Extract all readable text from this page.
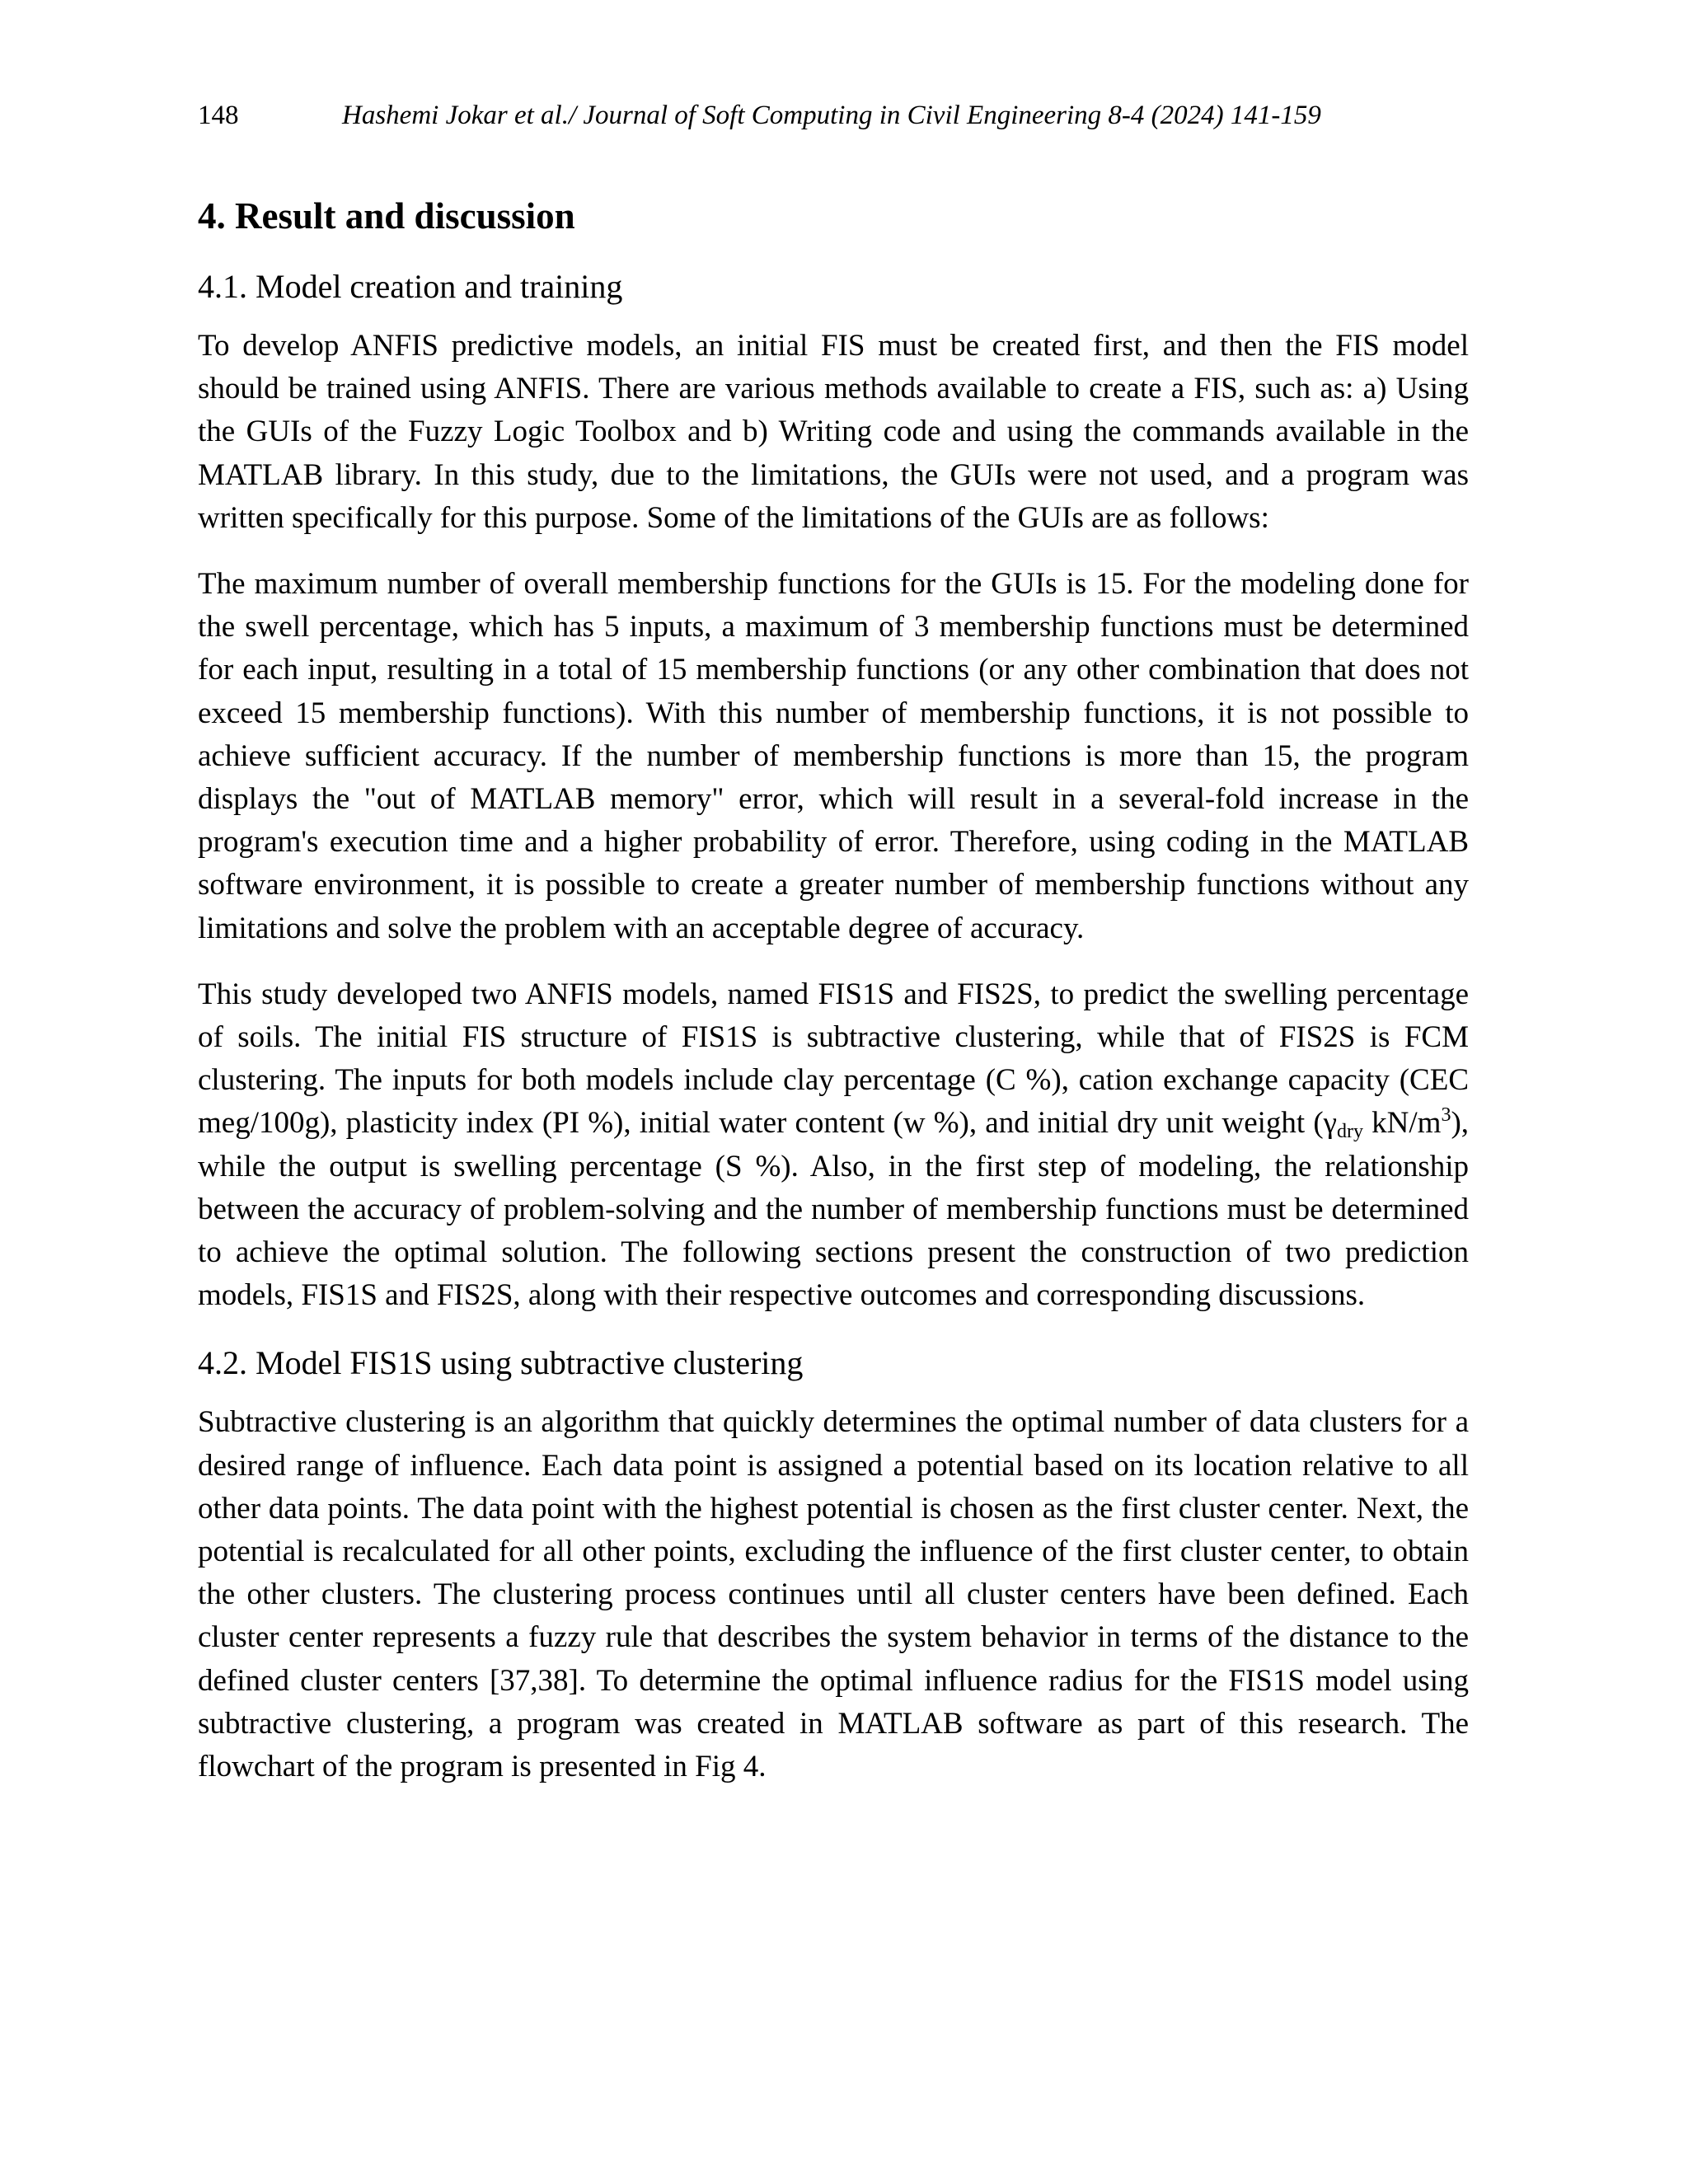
148	Hashemi Jokar et al./ Journal of Soft Computing in Civil Engineering 8-4 (2024) 141-159
4. Result and discussion
4.1. Model creation and training

To develop ANFIS predictive models, an initial FIS must be created first, and then the FIS model should be trained using ANFIS. There are various methods available to create a FIS, such as: a) Using the GUIs of the Fuzzy Logic Toolbox and b) Writing code and using the commands available in the MATLAB library. In this study, due to the limitations, the GUIs were not used, and a program was written specifically for this purpose. Some of the limitations of the GUIs are as follows:

The maximum number of overall membership functions for the GUIs is 15. For the modeling done for the swell percentage, which has 5 inputs, a maximum of 3 membership functions must be determined for each input, resulting in a total of 15 membership functions (or any other combination that does not exceed 15 membership functions). With this number of membership functions, it is not possible to achieve sufficient accuracy. If the number of membership functions is more than 15, the program displays the "out of MATLAB memory" error, which will result in a several-fold increase in the program's execution time and a higher probability of error. Therefore, using coding in the MATLAB software environment, it is possible to create a greater number of membership functions without any limitations and solve the problem with an acceptable degree of accuracy.

This study developed two ANFIS models, named FIS1S and FIS2S, to predict the swelling percentage of soils. The initial FIS structure of FIS1S is subtractive clustering, while that of FIS2S is FCM clustering. The inputs for both models include clay percentage (C %), cation exchange capacity (CEC meg/100g), plasticity index (PI %), initial water content (w %), and initial dry unit weight ($\gamma_{dry}$ $kN/m^3$), while the output is swelling percentage (S %). Also, in the first step of modeling, the relationship between the accuracy of problem-solving and the number of membership functions must be determined to achieve the optimal solution. The following sections present the construction of two prediction models, FIS1S and FIS2S, along with their respective outcomes and corresponding discussions.

4.2. Model FIS1S using subtractive clustering

Subtractive clustering is an algorithm that quickly determines the optimal number of data clusters for a desired range of influence. Each data point is assigned a potential based on its location relative to all other data points. The data point with the highest potential is chosen as the first cluster center. Next, the potential is recalculated for all other points, excluding the influence of the first cluster center, to obtain the other clusters. The clustering process continues until all cluster centers have been defined. Each cluster center represents a fuzzy rule that describes the system behavior in terms of the distance to the defined cluster centers [37,38]. To determine the optimal influence radius for the FIS1S model using subtractive clustering, a program was created in MATLAB software as part of this research. The flowchart of the program is presented in Fig 4.
